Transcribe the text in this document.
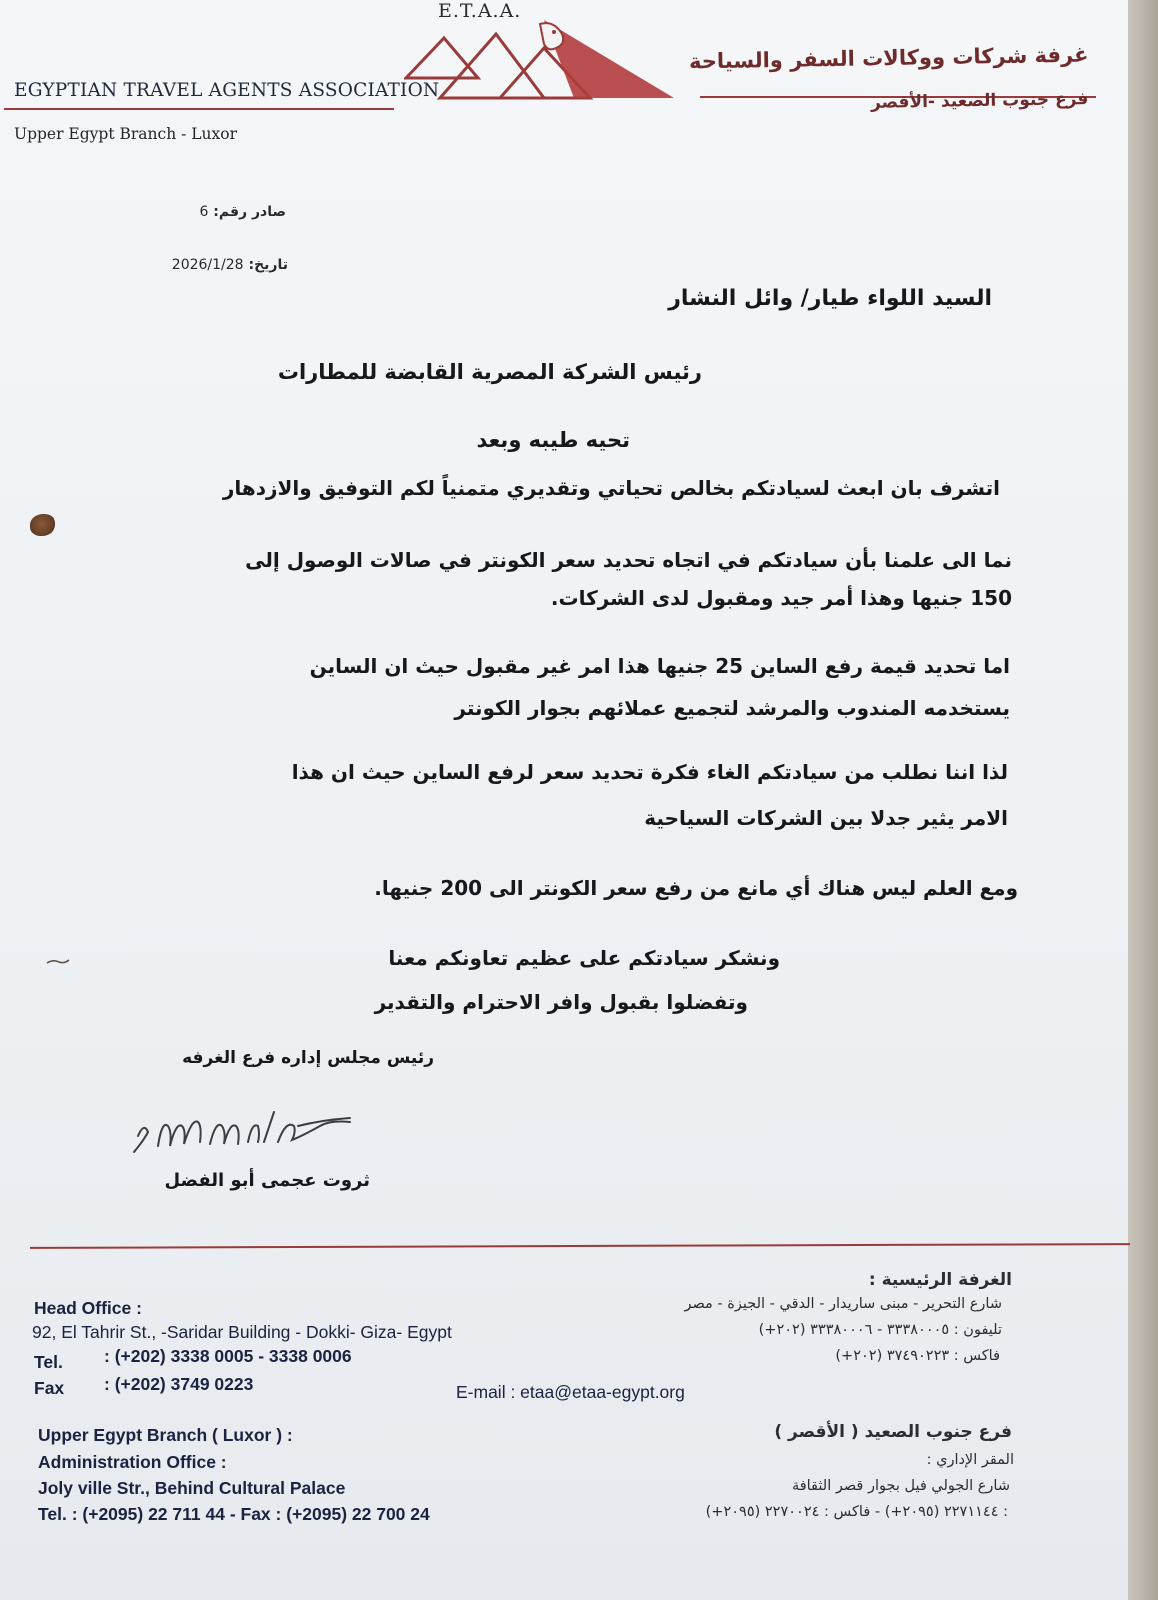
E.T.A.A.
EGYPTIAN TRAVEL AGENTS ASSOCIATION
Upper Egypt Branch - Luxor
غرفة شركات ووكالات السفر والسياحة
فرع جنوب الصعيد -الأقصر
صادر رقم: 6
تاريخ: 2026/1/28
السيد اللواء طيار/ وائل النشار
رئيس الشركة المصرية القابضة للمطارات
تحيه طيبه وبعد
اتشرف بان ابعث لسيادتكم بخالص تحياتي وتقديري متمنياً لكم التوفيق والازدهار
نما الى علمنا بأن سيادتكم في اتجاه تحديد سعر الكونتر في صالات الوصول إلى
150 جنيها وهذا أمر جيد ومقبول لدى الشركات.
اما تحديد قيمة رفع الساين 25 جنيها هذا امر غير مقبول حيث ان الساين
يستخدمه المندوب والمرشد لتجميع عملائهم بجوار الكونتر
لذا اننا نطلب من سيادتكم الغاء فكرة تحديد سعر لرفع الساين حيث ان هذا
الامر يثير جدلا بين الشركات السياحية
ومع العلم ليس هناك أي مانع من رفع سعر الكونتر الى 200 جنيها.
ونشكر سيادتكم على عظيم تعاونكم معنا
وتفضلوا بقبول وافر الاحترام والتقدير
رئيس مجلس إداره فرع الغرفه
ثروت عجمى أبو الفضل
Head Office :
92, El Tahrir St., -Saridar Building - Dokki- Giza- Egypt
Tel. : (+202) 3338 0005 - 3338 0006
Fax : (+202) 3749 0223	E-mail : etaa@etaa-egypt.org
Upper Egypt Branch ( Luxor ) :
Administration Office :
Joly ville Str., Behind Cultural Palace
Tel. : (+2095) 22 711 44 - Fax : (+2095) 22 700 24
الغرفة الرئيسية :
شارع التحرير - مبنى ساريدار - الدقي - الجيزة - مصر
تليفون : ٣٣٣٨٠٠٠٥ - ٣٣٣٨٠٠٠٦ (٢٠٢+)
فاكس : ٣٧٤٩٠٢٢٣ (٢٠٢+)
فرع جنوب الصعيد ( الأقصر )
المقر الإداري :
شارع الجولي فيل بجوار قصر الثقافة
: ٢٢٧١١٤٤ (٢٠٩٥+) - فاكس : ٢٢٧٠٠٢٤ (٢٠٩٥+)
